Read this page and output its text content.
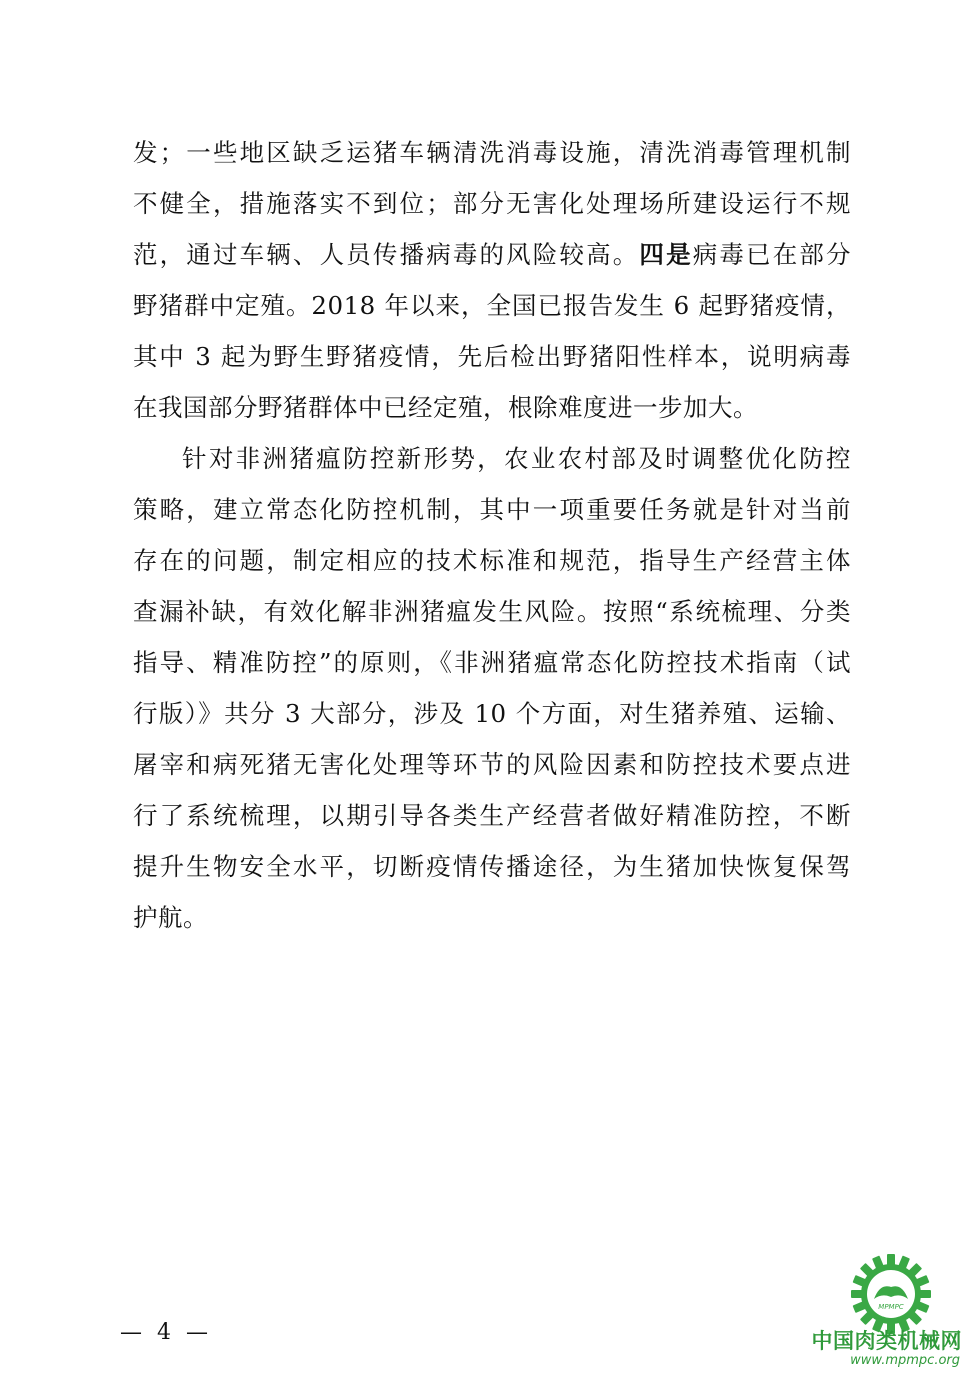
发；一些地区缺乏运猪车辆清洗消毒设施，清洗消毒管理机制
不健全，措施落实不到位；部分无害化处理场所建设运行不规
范，通过车辆、人员传播病毒的风险较高。四是病毒已在部分
野猪群中定殖。2018 年以来，全国已报告发生 6 起野猪疫情，
其中 3 起为野生野猪疫情，先后检出野猪阳性样本，说明病毒
在我国部分野猪群体中已经定殖，根除难度进一步加大。
针对非洲猪瘟防控新形势，农业农村部及时调整优化防控
策略，建立常态化防控机制，其中一项重要任务就是针对当前
存在的问题，制定相应的技术标准和规范，指导生产经营主体
查漏补缺，有效化解非洲猪瘟发生风险。按照“系统梳理、分类
指导、精准防控”的原则，《非洲猪瘟常态化防控技术指南（试
行版）》共分 3 大部分，涉及 10 个方面，对生猪养殖、运输、
屠宰和病死猪无害化处理等环节的风险因素和防控技术要点进
行了系统梳理，以期引导各类生产经营者做好精准防控，不断
提升生物安全水平，切断疫情传播途径，为生猪加快恢复保驾
护航。
— 4 —
MPMPC
中国肉类机械网
www.mpmpc.org
